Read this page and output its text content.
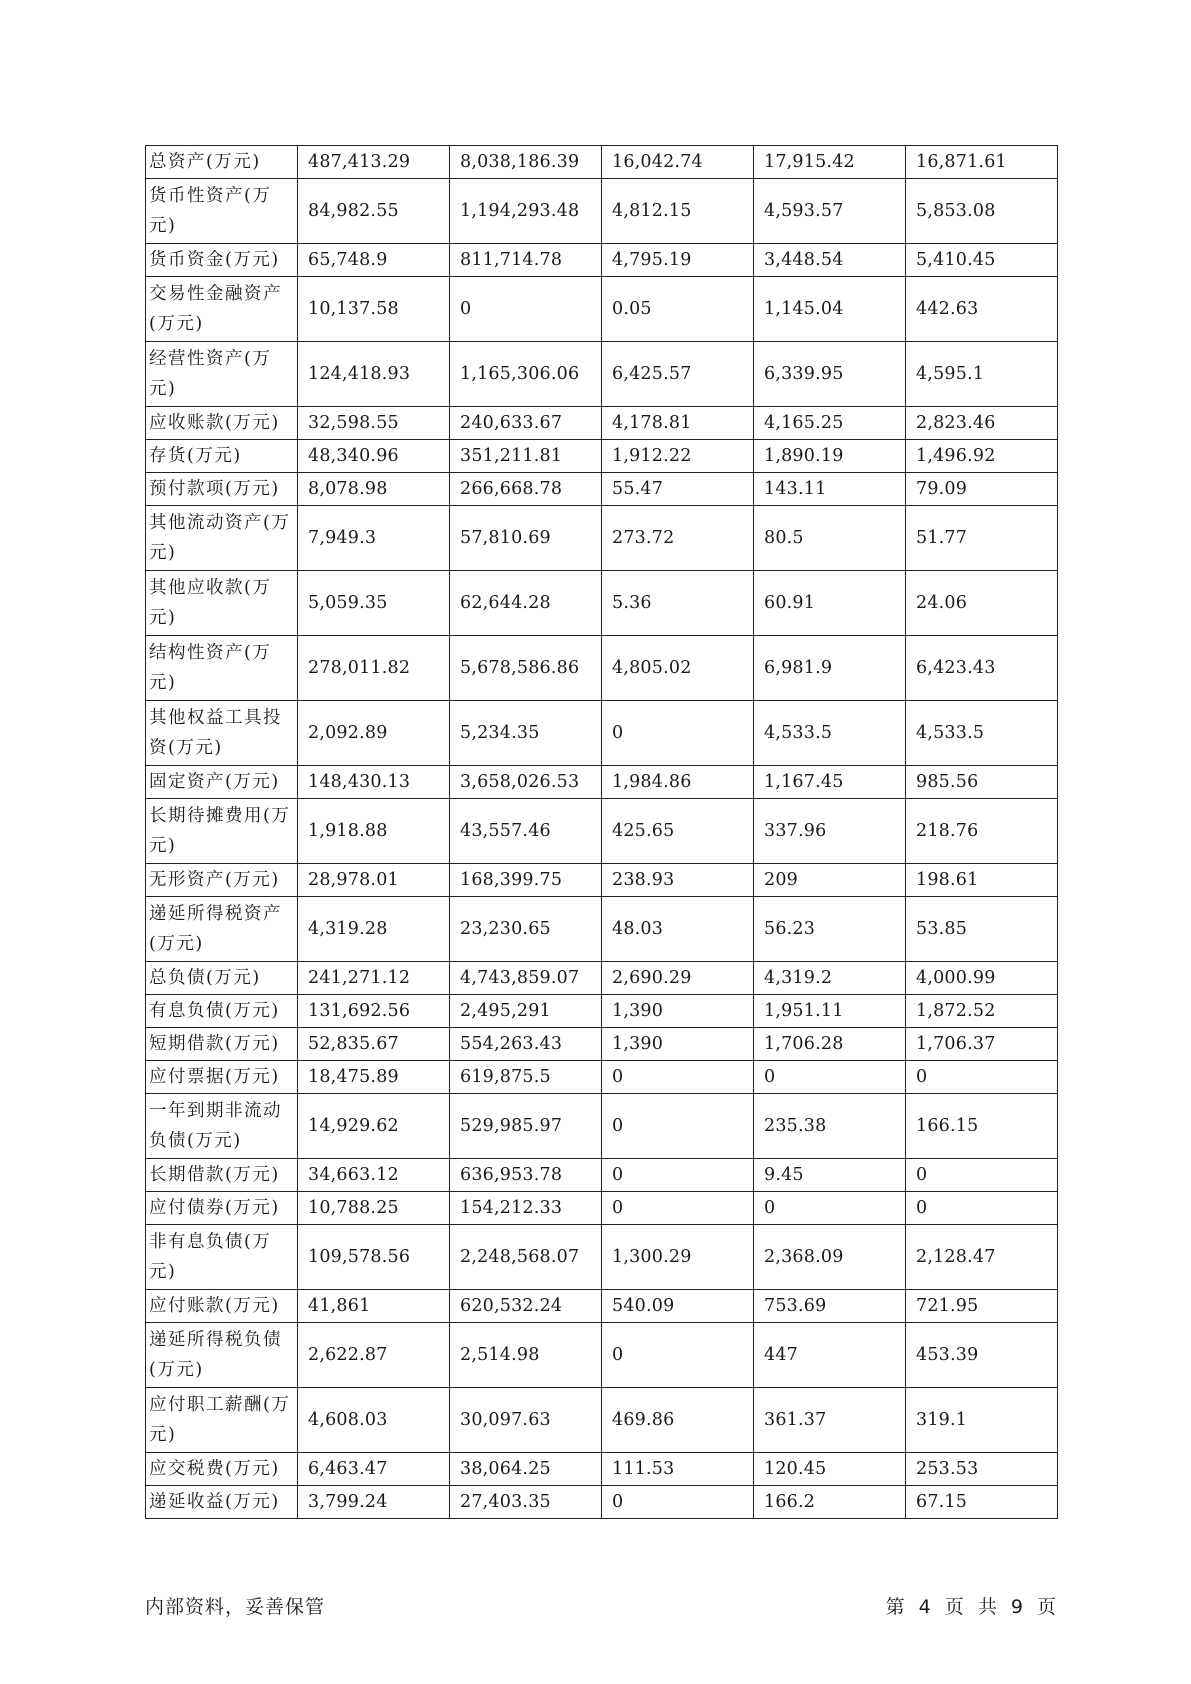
总资产(万元)	487,413.29	8,038,186.39	16,042.74	17,915.42	16,871.61
货币性资产(万元)	84,982.55	1,194,293.48	4,812.15	4,593.57	5,853.08
货币资金(万元)	65,748.9	811,714.78	4,795.19	3,448.54	5,410.45
交易性金融资产(万元)	10,137.58	0	0.05	1,145.04	442.63
经营性资产(万元)	124,418.93	1,165,306.06	6,425.57	6,339.95	4,595.1
应收账款(万元)	32,598.55	240,633.67	4,178.81	4,165.25	2,823.46
存货(万元)	48,340.96	351,211.81	1,912.22	1,890.19	1,496.92
预付款项(万元)	8,078.98	266,668.78	55.47	143.11	79.09
其他流动资产(万元)	7,949.3	57,810.69	273.72	80.5	51.77
其他应收款(万元)	5,059.35	62,644.28	5.36	60.91	24.06
结构性资产(万元)	278,011.82	5,678,586.86	4,805.02	6,981.9	6,423.43
其他权益工具投资(万元)	2,092.89	5,234.35	0	4,533.5	4,533.5
固定资产(万元)	148,430.13	3,658,026.53	1,984.86	1,167.45	985.56
长期待摊费用(万元)	1,918.88	43,557.46	425.65	337.96	218.76
无形资产(万元)	28,978.01	168,399.75	238.93	209	198.61
递延所得税资产(万元)	4,319.28	23,230.65	48.03	56.23	53.85
总负债(万元)	241,271.12	4,743,859.07	2,690.29	4,319.2	4,000.99
有息负债(万元)	131,692.56	2,495,291	1,390	1,951.11	1,872.52
短期借款(万元)	52,835.67	554,263.43	1,390	1,706.28	1,706.37
应付票据(万元)	18,475.89	619,875.5	0	0	0
一年到期非流动负债(万元)	14,929.62	529,985.97	0	235.38	166.15
长期借款(万元)	34,663.12	636,953.78	0	9.45	0
应付债券(万元)	10,788.25	154,212.33	0	0	0
非有息负债(万元)	109,578.56	2,248,568.07	1,300.29	2,368.09	2,128.47
应付账款(万元)	41,861	620,532.24	540.09	753.69	721.95
递延所得税负债(万元)	2,622.87	2,514.98	0	447	453.39
应付职工薪酬(万元)	4,608.03	30,097.63	469.86	361.37	319.1
应交税费(万元)	6,463.47	38,064.25	111.53	120.45	253.53
递延收益(万元)	3,799.24	27,403.35	0	166.2	67.15
内部资料，妥善保管	第 4 页 共 9 页
